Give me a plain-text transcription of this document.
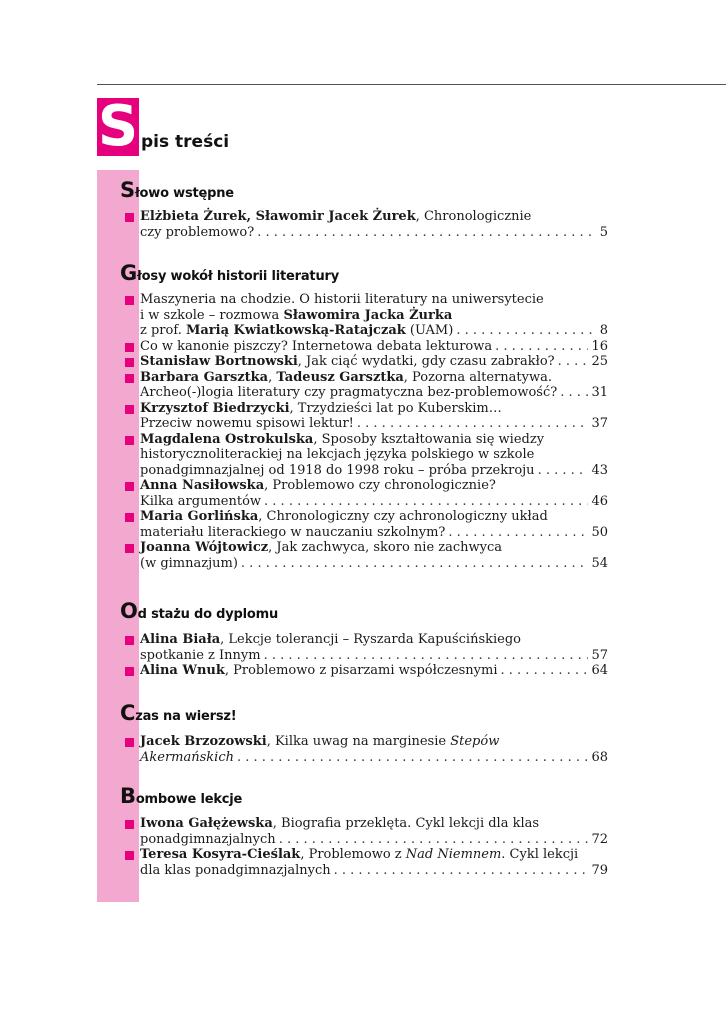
S pis treści
Słowo wstępne
Elżbieta Żurek, Sławomir Jacek Żurek, Chronologicznie
czy problemowo? . . .	5
Głosy wokół historii literatury
Maszyneria na chodzie. O historii literatury na uniwersytecie
i w szkole – rozmowa Sławomira Jacka Żurka
z prof. Marią Kwiatkowską-Ratajczak (UAM) . . .	8
Co w kanonie piszczy? Internetowa debata lekturowa . . .	16
Stanisław Bortnowski, Jak ciąć wydatki, gdy czasu zabrakło? . . .	25
Barbara Garsztka, Tadeusz Garsztka, Pozorna alternatywa.
Archeo(-)logia literatury czy pragmatyczna bez-problemowość? . . .	31
Krzysztof Biedrzycki, Trzydzieści lat po Kuberskim…
Przeciw nowemu spisowi lektur! . . .	37
Magdalena Ostrokulska, Sposoby kształtowania się wiedzy
historycznoliterackiej na lekcjach języka polskiego w szkole
ponadgimnazjalnej od 1918 do 1998 roku – próba przekroju . . .	43
Anna Nasiłowska, Problemowo czy chronologicznie?
Kilka argumentów . . .	46
Maria Gorlińska, Chronologiczny czy achronologiczny układ
materiału literackiego w nauczaniu szkolnym? . . .	50
Joanna Wójtowicz, Jak zachwyca, skoro nie zachwyca
(w gimnazjum) . . .	54
Od stażu do dyplomu
Alina Biała, Lekcje tolerancji – Ryszarda Kapuścińskiego
spotkanie z Innym . . .	57
Alina Wnuk, Problemowo z pisarzami współczesnymi . . .	64
Czas na wiersz!
Jacek Brzozowski, Kilka uwag na marginesie Stepów
Akermańskich . . .	68
Bombowe lekcje
Iwona Gałężewska, Biografia przeklęta. Cykl lekcji dla klas
ponadgimnazjalnych . . .	72
Teresa Kosyra-Cieślak, Problemowo z Nad Niemnem. Cykl lekcji
dla klas ponadgimnazjalnych . . .	79
